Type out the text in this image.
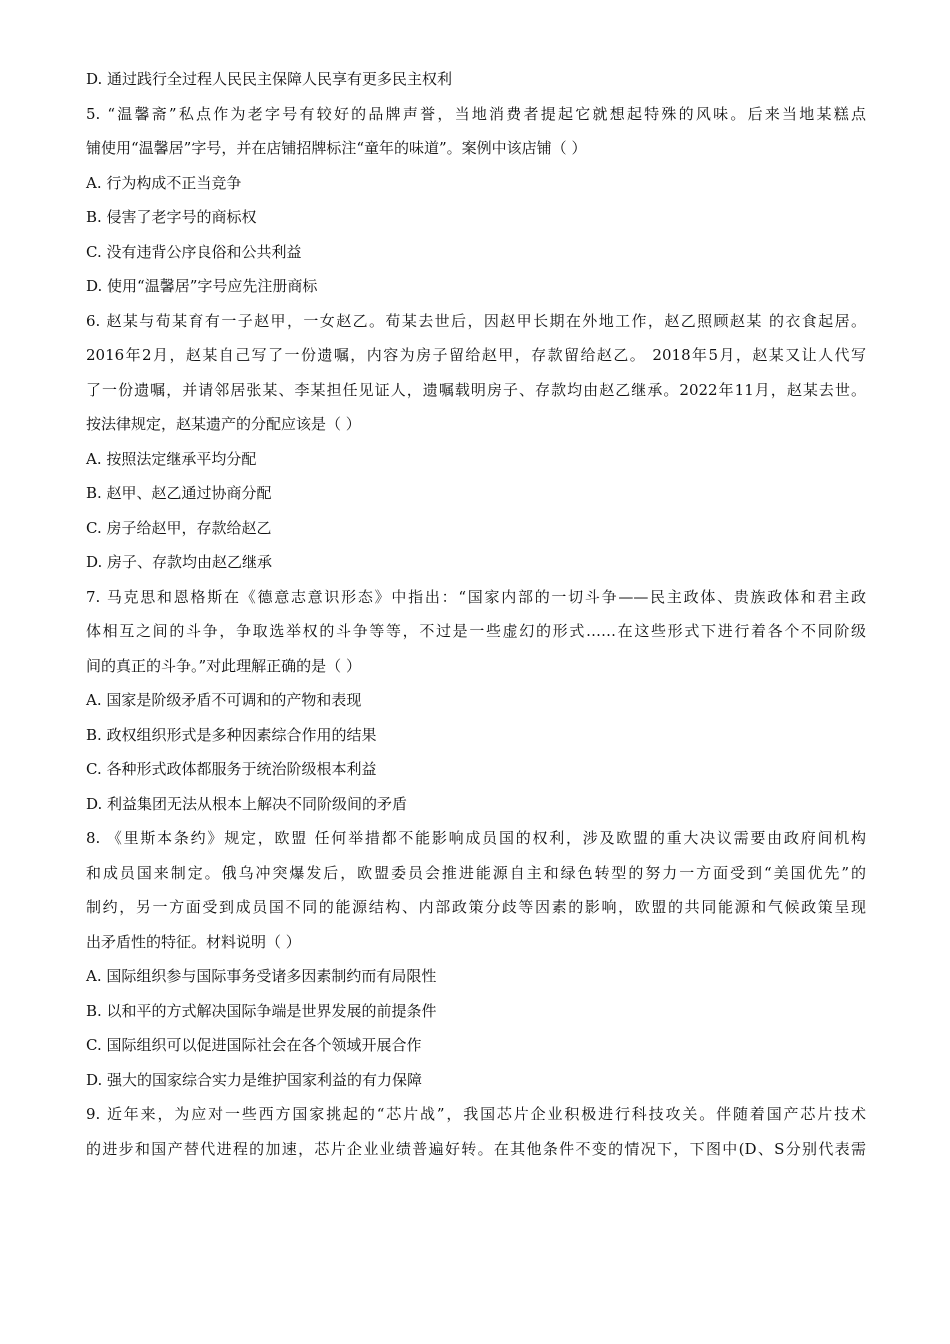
D. 通过践行全过程人民民主保障人民享有更多民主权利
5. “温馨斋”私点作为老字号有较好的品牌声誉，当地消费者提起它就想起特殊的风味。后来当地某糕点
铺使用“温馨居”字号，并在店铺招牌标注“童年的味道”。案例中该店铺（ ）
A. 行为构成不正当竞争
B. 侵害了老字号的商标权
C. 没有违背公序良俗和公共利益
D. 使用“温馨居”字号应先注册商标
6. 赵某与荀某育有一子赵甲，一女赵乙。荀某去世后，因赵甲长期在外地工作，赵乙照顾赵某 的衣食起居。
2016年2月，赵某自己写了一份遗嘱，内容为房子留给赵甲，存款留给赵乙。 2018年5月，赵某又让人代写
了一份遗嘱，并请邻居张某、李某担任见证人，遗嘱载明房子、存款均由赵乙继承。2022年11月，赵某去世。
按法律规定，赵某遗产的分配应该是（ ）
A. 按照法定继承平均分配
B. 赵甲、赵乙通过协商分配
C. 房子给赵甲，存款给赵乙
D. 房子、存款均由赵乙继承
7. 马克思和恩格斯在《德意志意识形态》中指出：“国家内部的一切斗争——民主政体、贵族政体和君主政
体相互之间的斗争，争取选举权的斗争等等，不过是一些虚幻的形式……在这些形式下进行着各个不同阶级
间的真正的斗争。”对此理解正确的是（ ）
A. 国家是阶级矛盾不可调和的产物和表现
B. 政权组织形式是多种因素综合作用的结果
C. 各种形式政体都服务于统治阶级根本利益
D. 利益集团无法从根本上解决不同阶级间的矛盾
8. 《里斯本条约》规定，欧盟 任何举措都不能影响成员国的权利，涉及欧盟的重大决议需要由政府间机构
和成员国来制定。俄乌冲突爆发后，欧盟委员会推进能源自主和绿色转型的努力一方面受到“美国优先”的
制约，另一方面受到成员国不同的能源结构、内部政策分歧等因素的影响，欧盟的共同能源和气候政策呈现
出矛盾性的特征。材料说明（ ）
A. 国际组织参与国际事务受诸多因素制约而有局限性
B. 以和平的方式解决国际争端是世界发展的前提条件
C. 国际组织可以促进国际社会在各个领域开展合作
D. 强大的国家综合实力是维护国家利益的有力保障
9. 近年来，为应对一些西方国家挑起的“芯片战”，我国芯片企业积极进行科技攻关。伴随着国产芯片技术
的进步和国产替代进程的加速，芯片企业业绩普遍好转。在其他条件不变的情况下，下图中(D、S分别代表需
